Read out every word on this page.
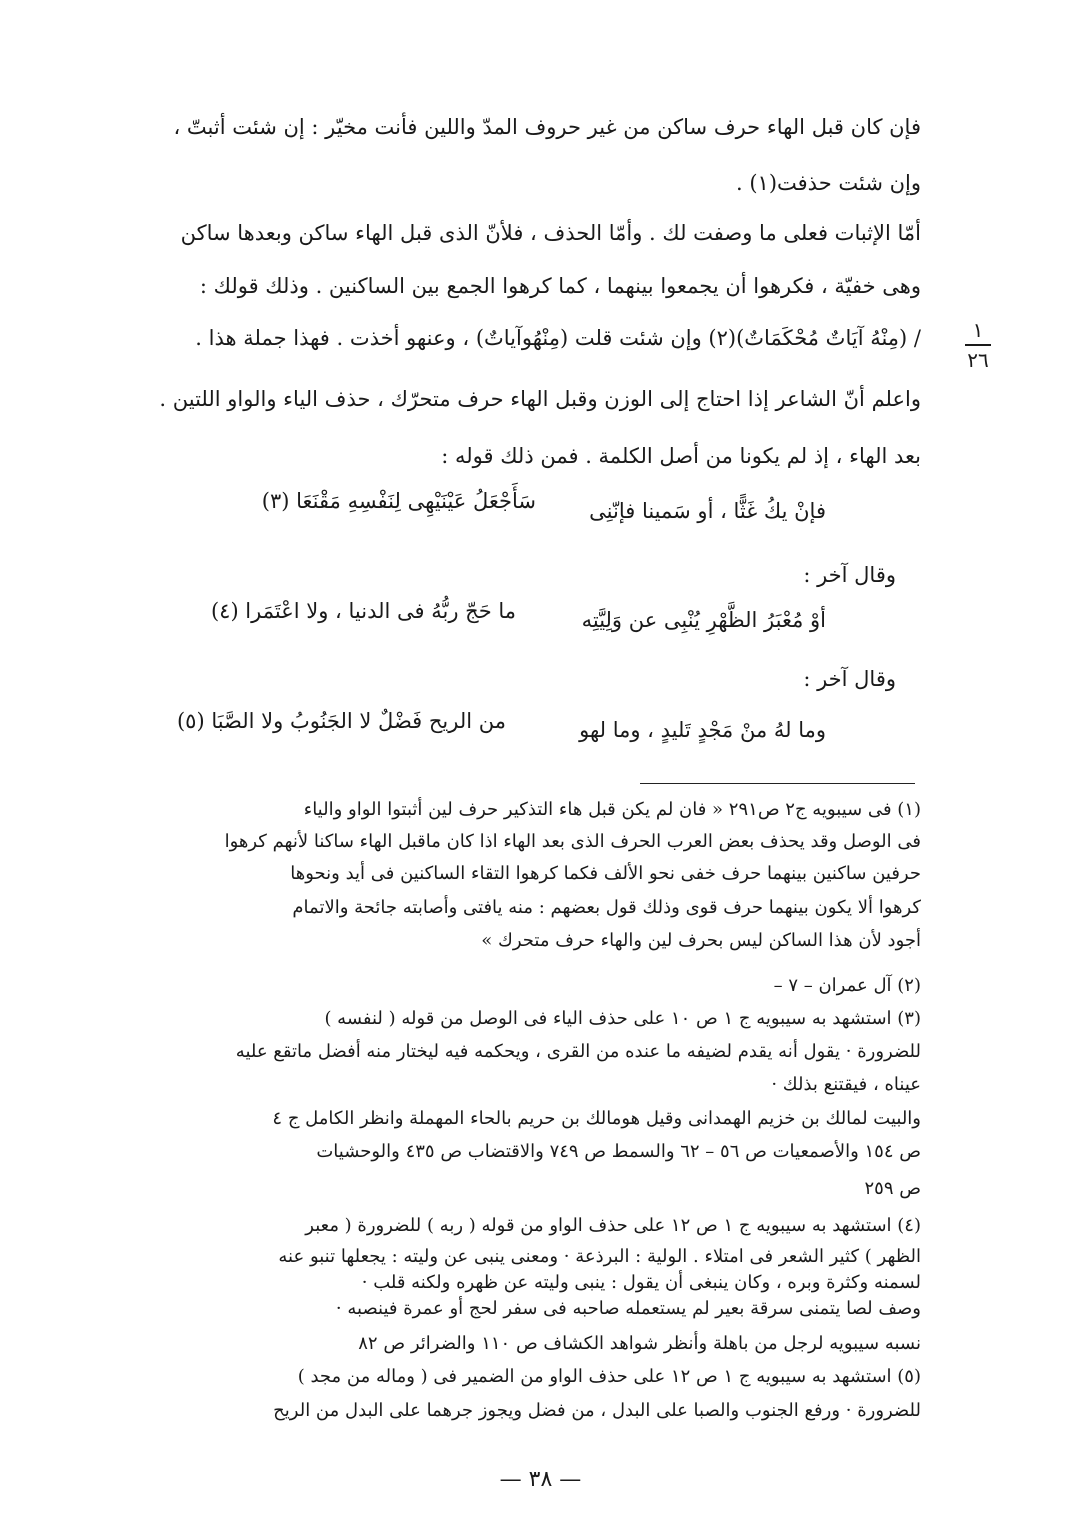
فإن كان قبل الهاء حرف ساكن من غير حروف المدّ واللين فأنت مخيّر : إن شئت أثبتّ ،
وإن شئت حذفت(١) .
أمّا الإثبات فعلى ما وصفت لك . وأمّا الحذف ، فلأنّ الذى قبل الهاء ساكن وبعدها ساكن
وهى خفيّة ، فكرهوا أن يجمعوا بينهما ، كما كرهوا الجمع بين الساكنين . وذلك قولك :
/ (مِنْهُ آيَاتٌ مُحْكَمَاتٌ)(٢) وإن شئت قلت (مِنْهُوآياتٌ) ، وعنهو أخذت . فهذا جملة هذا .
واعلم أنّ الشاعر إذا احتاج إلى الوزن وقبل الهاء حرف متحرّك ، حذف الياء والواو اللتين .
بعد الهاء ، إذ لم يكونا من أصل الكلمة . فمن ذلك قوله :
١
٢٦
فإنْ يكُ غَثًّا ، أو سَمينا فإنّنِى
سَأَجْعَلُ عَيْنَيْهِى لِنَفْسِهِ مَقْنَعَا (٣)
وقال آخر :
أوْ مُعْبَرُ الظَّهْرِ يُنْبِى عن وَلِيَّتِه
ما حَجّ ربُّهُ فى الدنيا ، ولا اعْتَمَرا (٤)
وقال آخر :
وما لهُ منْ مَجْدٍ تَليدٍ ، وما لهو
من الريح فَضْلٌ لا الجَنُوبُ ولا الصَّبَا (٥)
(١) فى سيبويه ج٢ ص٢٩١ « فان لم يكن قبل هاء التذكير حرف لين أثبتوا الواو والياء
فى الوصل وقد يحذف بعض العرب الحرف الذى بعد الهاء اذا كان ماقبل الهاء ساكنا لأنهم كرهوا
حرفين ساكنين بينهما حرف خفى نحو الألف فكما كرهوا التقاء الساكنين فى أيد ونحوها
كرهوا ألا يكون بينهما حرف قوى وذلك قول بعضهم : منه يافتى وأصابته جائحة والاتمام
أجود لأن هذا الساكن ليس بحرف لين والهاء حرف متحرك »
(٢) آل عمران – ٧ –
(٣) استشهد به سيبويه ج ١ ص ١٠ على حذف الياء فى الوصل من قوله ( لنفسه )
للضرورة · يقول أنه يقدم لضيفه ما عنده من القرى ، ويحكمه فيه ليختار منه أفضل ماتقع عليه
عيناه ، فيقتنع بذلك ·
والبيت لمالك بن خزيم الهمدانى وقيل هومالك بن حريم بالحاء المهملة وانظر الكامل ج ٤
ص ١٥٤ والأصمعيات ص ٥٦ – ٦٢ والسمط ص ٧٤٩ والاقتضاب ص ٤٣٥ والوحشيات
ص ٢٥٩
(٤) استشهد به سيبويه ج ١ ص ١٢ على حذف الواو من قوله ( ربه ) للضرورة ( معبر
الظهر ) كثير الشعر فى امتلاء . الولية : البرذعة · ومعنى ينبى عن وليته : يجعلها تنبو عنه
لسمنه وكثرة وبره ، وكان ينبغى أن يقول : ينبى وليته عن ظهره ولكنه قلب ·
وصف لصا يتمنى سرقة بعير لم يستعمله صاحبه فى سفر لحج أو عمرة فينصبه ·
نسبه سيبويه لرجل من باهلة وأنظر شواهد الكشاف ص ١١٠ والضرائر ص ٨٢
(٥) استشهد به سيبويه ج ١ ص ١٢ على حذف الواو من الضمير فى ( وماله من مجد )
للضرورة · ورفع الجنوب والصبا على البدل ، من فضل ويجوز جرهما على البدل من الريح
— ٣٨ —
